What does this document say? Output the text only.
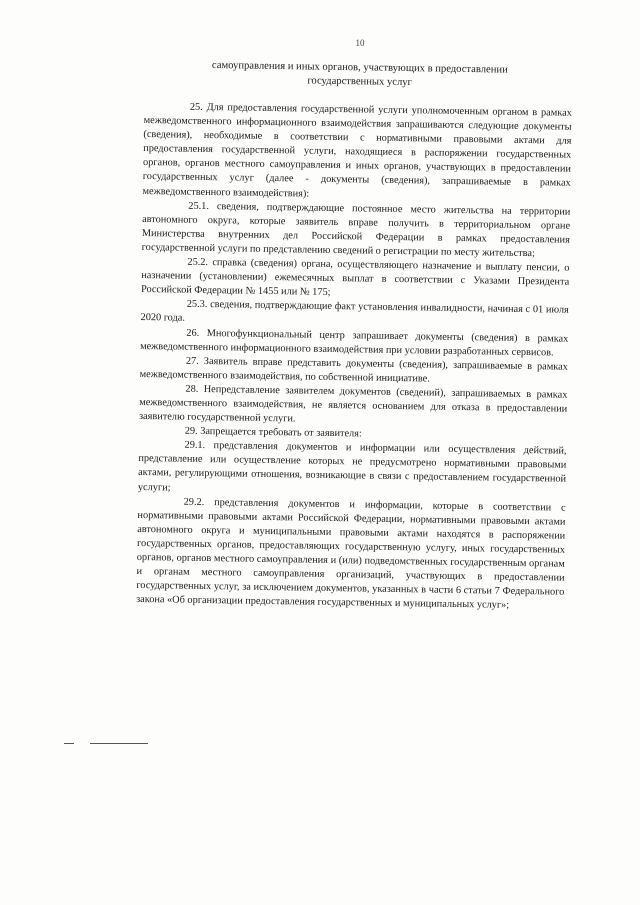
10
самоуправления и иных органов, участвующих в предоставлении
государственных услуг

25. Для предоставления государственной услуги уполномоченным органом в рамках межведомственного информационного взаимодействия запрашиваются следующие документы (сведения), необходимые в соответствии с нормативными правовыми актами для предоставления государственной услуги, находящиеся в распоряжении государственных органов, органов местного самоуправления и иных органов, участвующих в предоставлении государственных услуг (далее - документы (сведения), запрашиваемые в рамках межведомственного взаимодействия):

25.1. сведения, подтверждающие постоянное место жительства на территории автономного округа, которые заявитель вправе получить в территориальном органе Министерства внутренних дел Российской Федерации в рамках предоставления государственной услуги по представлению сведений о регистрации по месту жительства;

25.2. справка (сведения) органа, осуществляющего назначение и выплату пенсии, о назначении (установлении) ежемесячных выплат в соответствии с Указами Президента Российской Федерации № 1455 или № 175;

25.3. сведения, подтверждающие факт установления инвалидности, начиная с 01 июля 2020 года.

26. Многофункциональный центр запрашивает документы (сведения) в рамках межведомственного информационного взаимодействия при условии разработанных сервисов.

27. Заявитель вправе представить документы (сведения), запрашиваемые в рамках межведомственного взаимодействия, по собственной инициативе.

28. Непредставление заявителем документов (сведений), запрашиваемых в рамках межведомственного взаимодействия, не является основанием для отказа в предоставлении заявителю государственной услуги.

29. Запрещается требовать от заявителя:

29.1. представления документов и информации или осуществления действий, представление или осуществление которых не предусмотрено нормативными правовыми актами, регулирующими отношения, возникающие в связи с предоставлением государственной услуги;

29.2. представления документов и информации, которые в соответствии с нормативными правовыми актами Российской Федерации, нормативными правовыми актами автономного округа и муниципальными правовыми актами находятся в распоряжении государственных органов, предоставляющих государственную услугу, иных государственных органов, органов местного самоуправления и (или) подведомственных государственным органам и органам местного самоуправления организаций, участвующих в предоставлении государственных услуг, за исключением документов, указанных в части 6 статьи 7 Федерального закона «Об организации предоставления государственных и муниципальных услуг»;
